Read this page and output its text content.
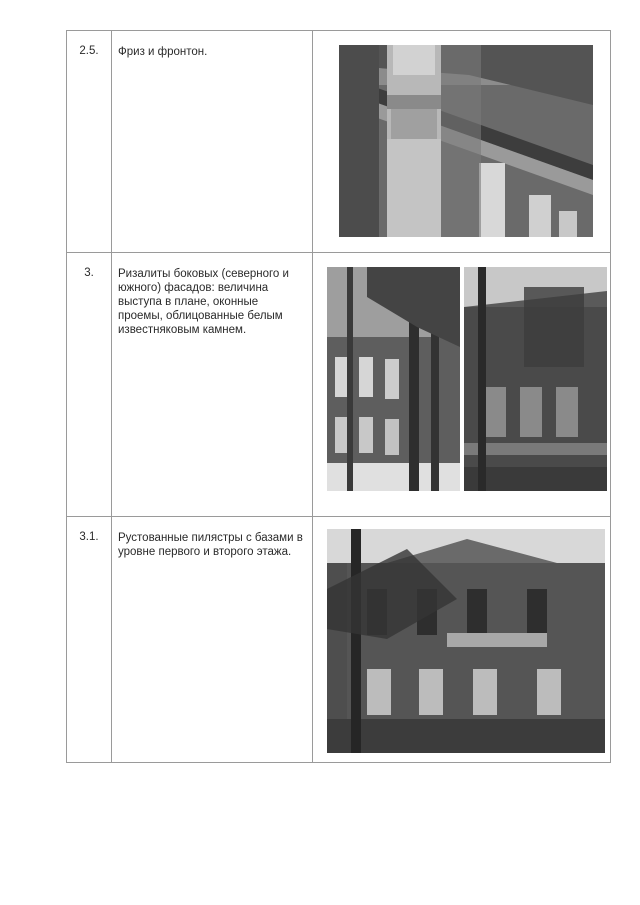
2.5.	Фриз и фронтон.	

3.	Ризалиты боковых (северного и южного) фасадов: величина выступа в плане, оконные проемы, облицованные белым известняковым камнем.	

3.1.	Рустованные пилястры с базами в уровне первого и второго этажа.	
